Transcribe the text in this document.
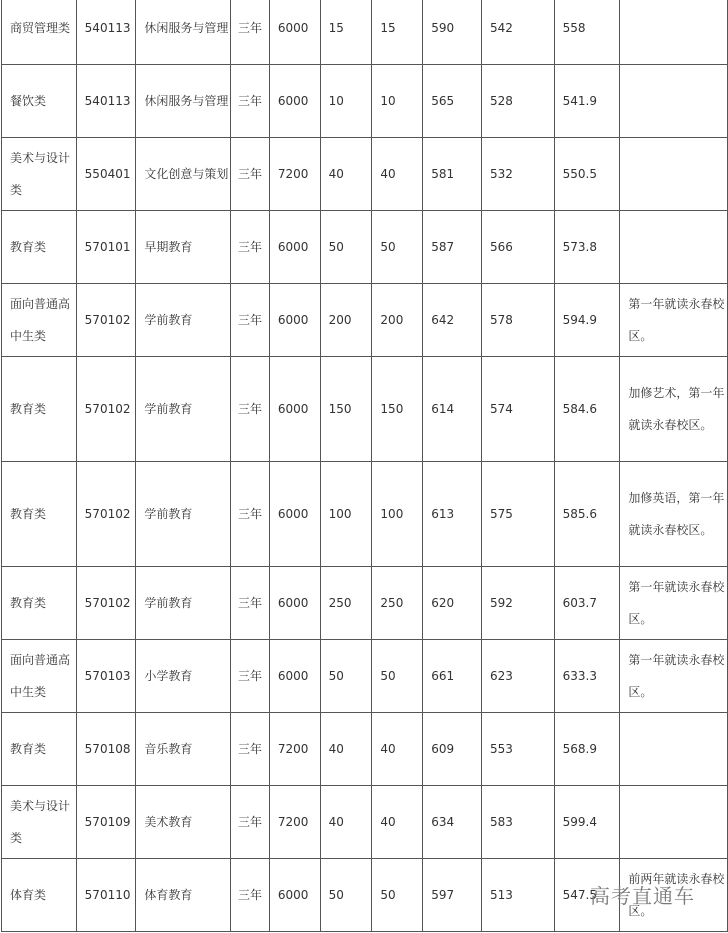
商贸管理类	540113	休闲服务与管理	三年	6000	15	15	590	542	558	
餐饮类	540113	休闲服务与管理	三年	6000	10	10	565	528	541.9	
美术与设计类	550401	文化创意与策划	三年	7200	40	40	581	532	550.5	
教育类	570101	早期教育	三年	6000	50	50	587	566	573.8	
面向普通高中生类	570102	学前教育	三年	6000	200	200	642	578	594.9	第一年就读永春校区。
教育类	570102	学前教育	三年	6000	150	150	614	574	584.6	加修艺术，第一年就读永春校区。
教育类	570102	学前教育	三年	6000	100	100	613	575	585.6	加修英语，第一年就读永春校区。
教育类	570102	学前教育	三年	6000	250	250	620	592	603.7	第一年就读永春校区。
面向普通高中生类	570103	小学教育	三年	6000	50	50	661	623	633.3	第一年就读永春校区。
教育类	570108	音乐教育	三年	7200	40	40	609	553	568.9	
美术与设计类	570109	美术教育	三年	7200	40	40	634	583	599.4	
体育类	570110	体育教育	三年	6000	50	50	597	513	547.5	前两年就读永春校区。
高考直通车
